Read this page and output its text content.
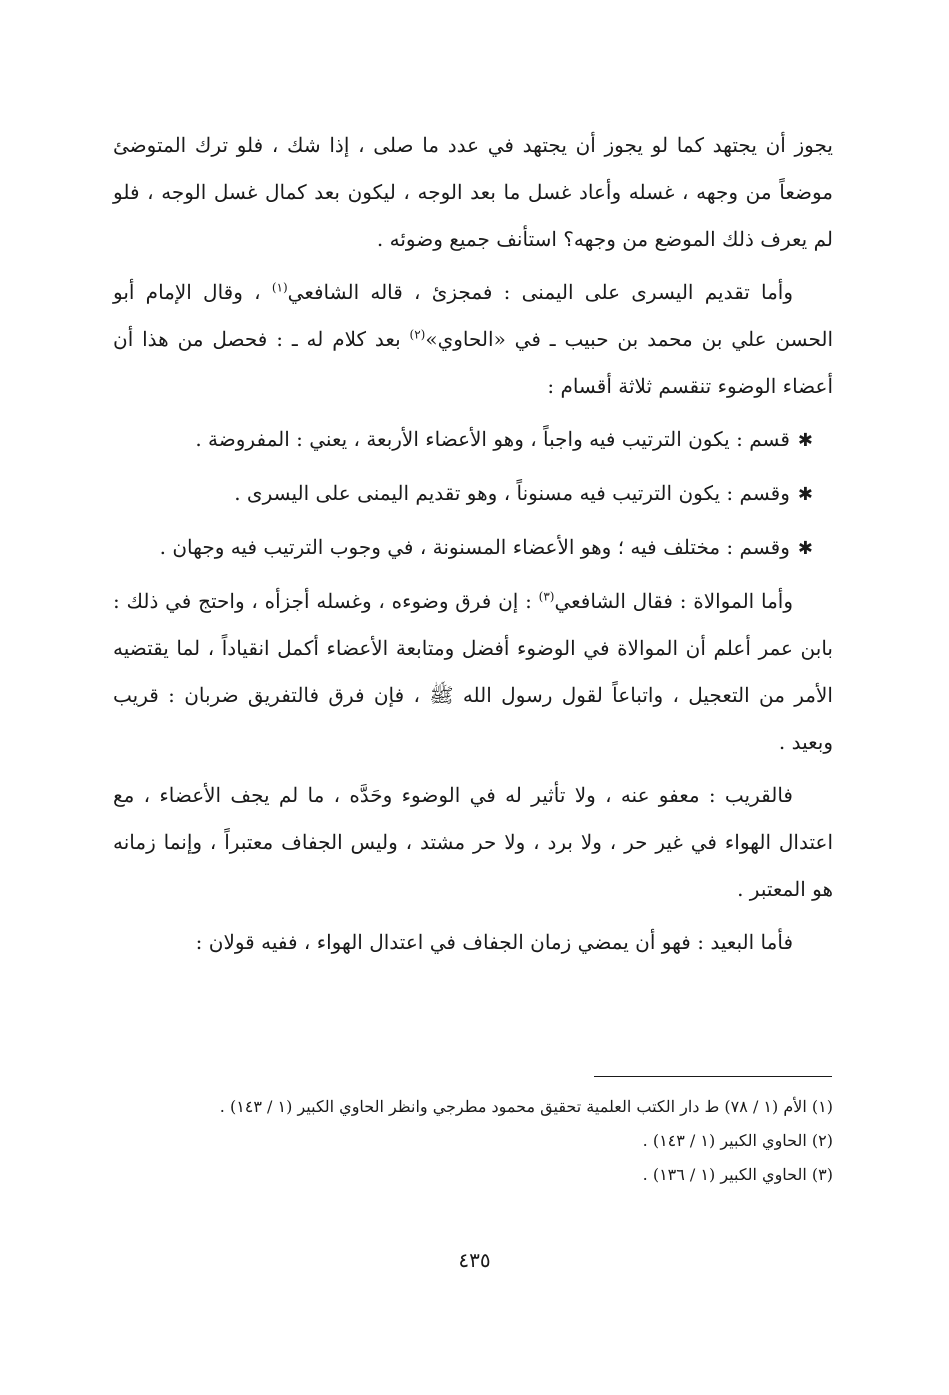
يجوز أن يجتهد كما لو يجوز أن يجتهد في عدد ما صلى ، إذا شك ، فلو ترك المتوضئ موضعاً من وجهه ، غسله وأعاد غسل ما بعد الوجه ، ليكون بعد كمال غسل الوجه ، فلو لم يعرف ذلك الموضع من وجهه؟ استأنف جميع وضوئه .

وأما تقديم اليسرى على اليمنى : فمجزئ ، قاله الشافعي$^{(١)}$ ، وقال الإمام أبو الحسن علي بن محمد بن حبيب ـ في «الحاوي»$^{(٢)}$ بعد كلام له ـ : فحصل من هذا أن أعضاء الوضوء تنقسم ثلاثة أقسام :

✱قسم : يكون الترتيب فيه واجباً ، وهو الأعضاء الأربعة ، يعني : المفروضة .

✱وقسم : يكون الترتيب فيه مسنوناً ، وهو تقديم اليمنى على اليسرى .

✱وقسم : مختلف فيه ؛ وهو الأعضاء المسنونة ، في وجوب الترتيب فيه وجهان .

وأما الموالاة : فقال الشافعي$^{(٣)}$ : إن فرق وضوءه ، وغسله أجزأه ، واحتج في ذلك : بابن عمر أعلم أن الموالاة في الوضوء أفضل ومتابعة الأعضاء أكمل انقياداً ، لما يقتضيه الأمر من التعجيل ، واتباعاً لقول رسول الله ﷺ ، فإن فرق فالتفريق ضربان : قريب وبعيد .

فالقريب : معفو عنه ، ولا تأثير له في الوضوء وحَدَّه ، ما لم يجف الأعضاء ، مع اعتدال الهواء في غير حر ، ولا برد ، ولا حر مشتد ، وليس الجفاف معتبراً ، وإنما زمانه هو المعتبر .

فأما البعيد : فهو أن يمضي زمان الجفاف في اعتدال الهواء ، ففيه قولان :

(١) الأم (١ / ٧٨) ط دار الكتب العلمية تحقيق محمود مطرجي وانظر الحاوي الكبير (١ / ١٤٣) .

(٢) الحاوي الكبير (١ / ١٤٣) .

(٣) الحاوي الكبير (١ / ١٣٦) .

٤٣٥
